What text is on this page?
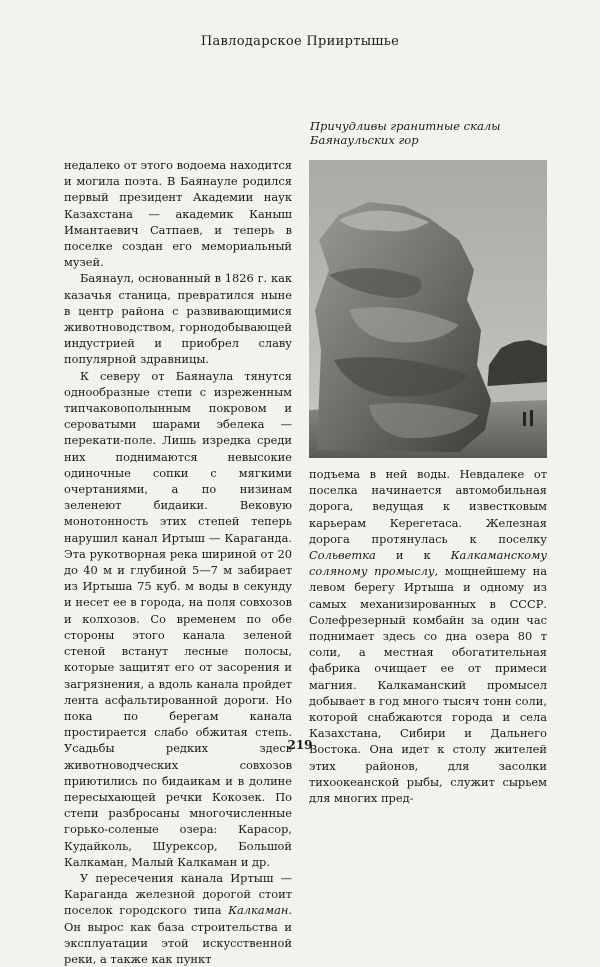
Павлодарское Прииртышье
Причудливы гранитные скалы
Баянаульских гор

недалеко от этого водоема находится и могила поэта. В Баянауле родился первый президент Академии наук Казахстана — академик Каныш Имантаевич Сатпаев, и теперь в поселке создан его мемориальный музей.

Баянаул, основанный в 1826 г. как казачья станица, превратился ныне в центр района с развивающимися животноводством, горнодобывающей индустрией и приобрел славу популярной здравницы.

К северу от Баянаула тянутся однообразные степи с изреженным типчаковополынным покровом и сероватыми шарами эбелека — перекати-поле. Лишь изредка среди них поднимаются невысокие одиночные сопки с мягкими очертаниями, а по низинам зеленеют бидаики. Вековую монотонность этих степей теперь нарушил канал Иртыш — Караганда. Эта рукотворная река шириной от 20 до 40 м и глубиной 5—7 м забирает из Иртыша 75 куб. м воды в секунду и несет ее в города, на поля совхозов и колхозов. Со временем по обе стороны этого канала зеленой стеной встанут лесные полосы, которые защитят его от засорения и загрязнения, а вдоль канала пройдет лента асфальтированной дороги. Но пока по берегам канала простирается слабо обжитая степь. Усадьбы редких здесь животноводческих совхозов приютились по бидаикам и в долине пересыхающей речки Кокозек. По степи разбросаны многочисленные горько-соленые озера: Карасор, Кудайколь, Шурексор, Большой Калкаман, Малый Калкаман и др.

У пересечения канала Иртыш — Караганда железной дорогой стоит поселок городского типа Калкаман. Он вырос как база строительства и эксплуатации этой искусственной реки, а также как пункт

подъема в ней воды. Невдалеке от поселка начинается автомобильная дорога, ведущая к известковым карьерам Керегетаса. Железная дорога протянулась к поселку Сольветка и к Калкаманскому соляному промыслу, мощнейшему на левом берегу Иртыша и одному из самых механизированных в СССР. Солефрезерный комбайн за один час поднимает здесь со дна озера 80 т соли, а местная обогатительная фабрика очищает ее от примеси магния. Калкаманский промысел добывает в год много тысяч тонн соли, которой снабжаются города и села Казахстана, Сибири и Дальнего Востока. Она идет к столу жителей этих районов, для засолки тихоокеанской рыбы, служит сырьем для многих пред-

219
